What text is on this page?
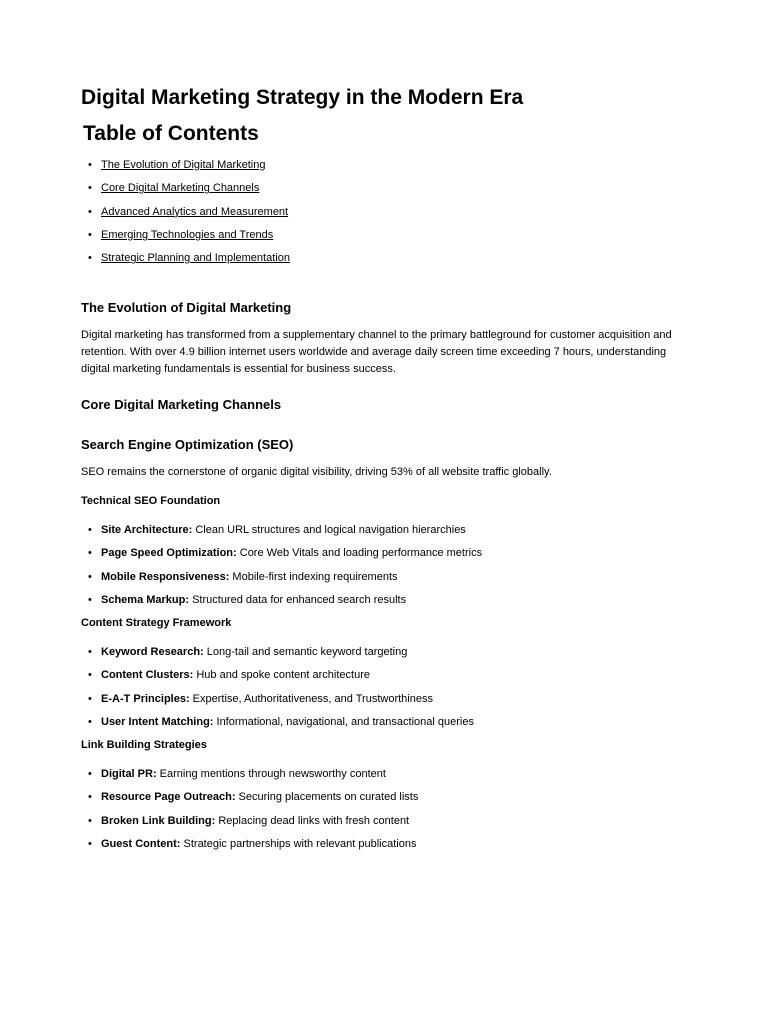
Digital Marketing Strategy in the Modern Era
Table of Contents
• The Evolution of Digital Marketing
• Core Digital Marketing Channels
• Advanced Analytics and Measurement
• Emerging Technologies and Trends
• Strategic Planning and Implementation
The Evolution of Digital Marketing

Digital marketing has transformed from a supplementary channel to the primary battleground for customer acquisition and retention. With over 4.9 billion internet users worldwide and average daily screen time exceeding 7 hours, understanding digital marketing fundamentals is essential for business success.

Core Digital Marketing Channels
Search Engine Optimization (SEO)

SEO remains the cornerstone of organic digital visibility, driving 53% of all website traffic globally.

Technical SEO Foundation
• Site Architecture: Clean URL structures and logical navigation hierarchies
• Page Speed Optimization: Core Web Vitals and loading performance metrics
• Mobile Responsiveness: Mobile-first indexing requirements
• Schema Markup: Structured data for enhanced search results
Content Strategy Framework
• Keyword Research: Long-tail and semantic keyword targeting
• Content Clusters: Hub and spoke content architecture
• E-A-T Principles: Expertise, Authoritativeness, and Trustworthiness
• User Intent Matching: Informational, navigational, and transactional queries
Link Building Strategies
• Digital PR: Earning mentions through newsworthy content
• Resource Page Outreach: Securing placements on curated lists
• Broken Link Building: Replacing dead links with fresh content
• Guest Content: Strategic partnerships with relevant publications
